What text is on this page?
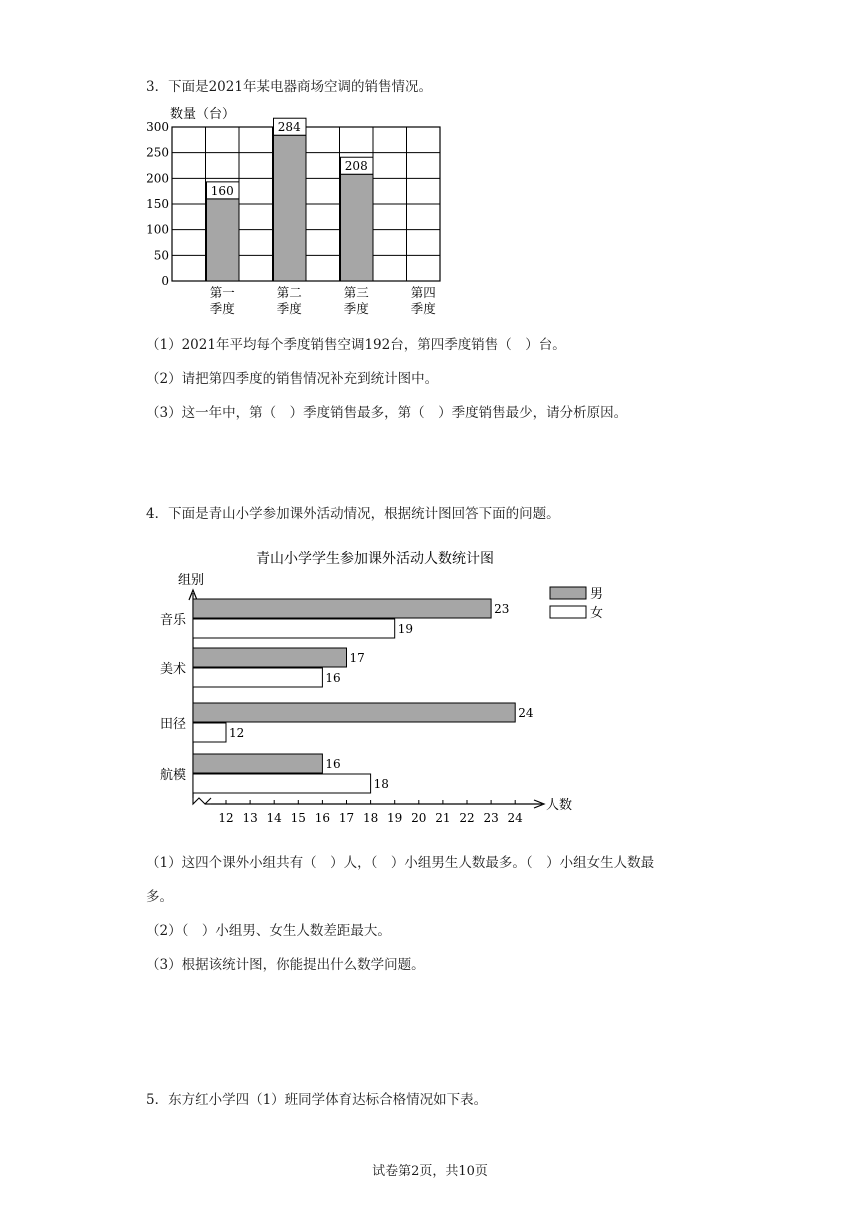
3．下面是2021年某电器商场空调的销售情况。
数量（台）
0
50
100
150
200
250
300
160
第一
季度
284
第二
季度
208
第三
季度
第四
季度
（1）2021年平均每个季度销售空调192台，第四季度销售（　）台。
（2）请把第四季度的销售情况补充到统计图中。
（3）这一年中，第（　）季度销售最多，第（　）季度销售最少，请分析原因。
4．下面是青山小学参加课外活动情况，根据统计图回答下面的问题。
青山小学学生参加课外活动人数统计图
组别
人数
12 13 14 15 16 17 18 19 20 21 22 23 24
音乐
23
19
美术
17
16
田径
24
12
航模
16
18
男
女
（1）这四个课外小组共有（　）人，（　）小组男生人数最多。（　）小组女生人数最
多。
（2）（　）小组男、女生人数差距最大。
（3）根据该统计图，你能提出什么数学问题。
5．东方红小学四（1）班同学体育达标合格情况如下表。
试卷第2页，共10页
